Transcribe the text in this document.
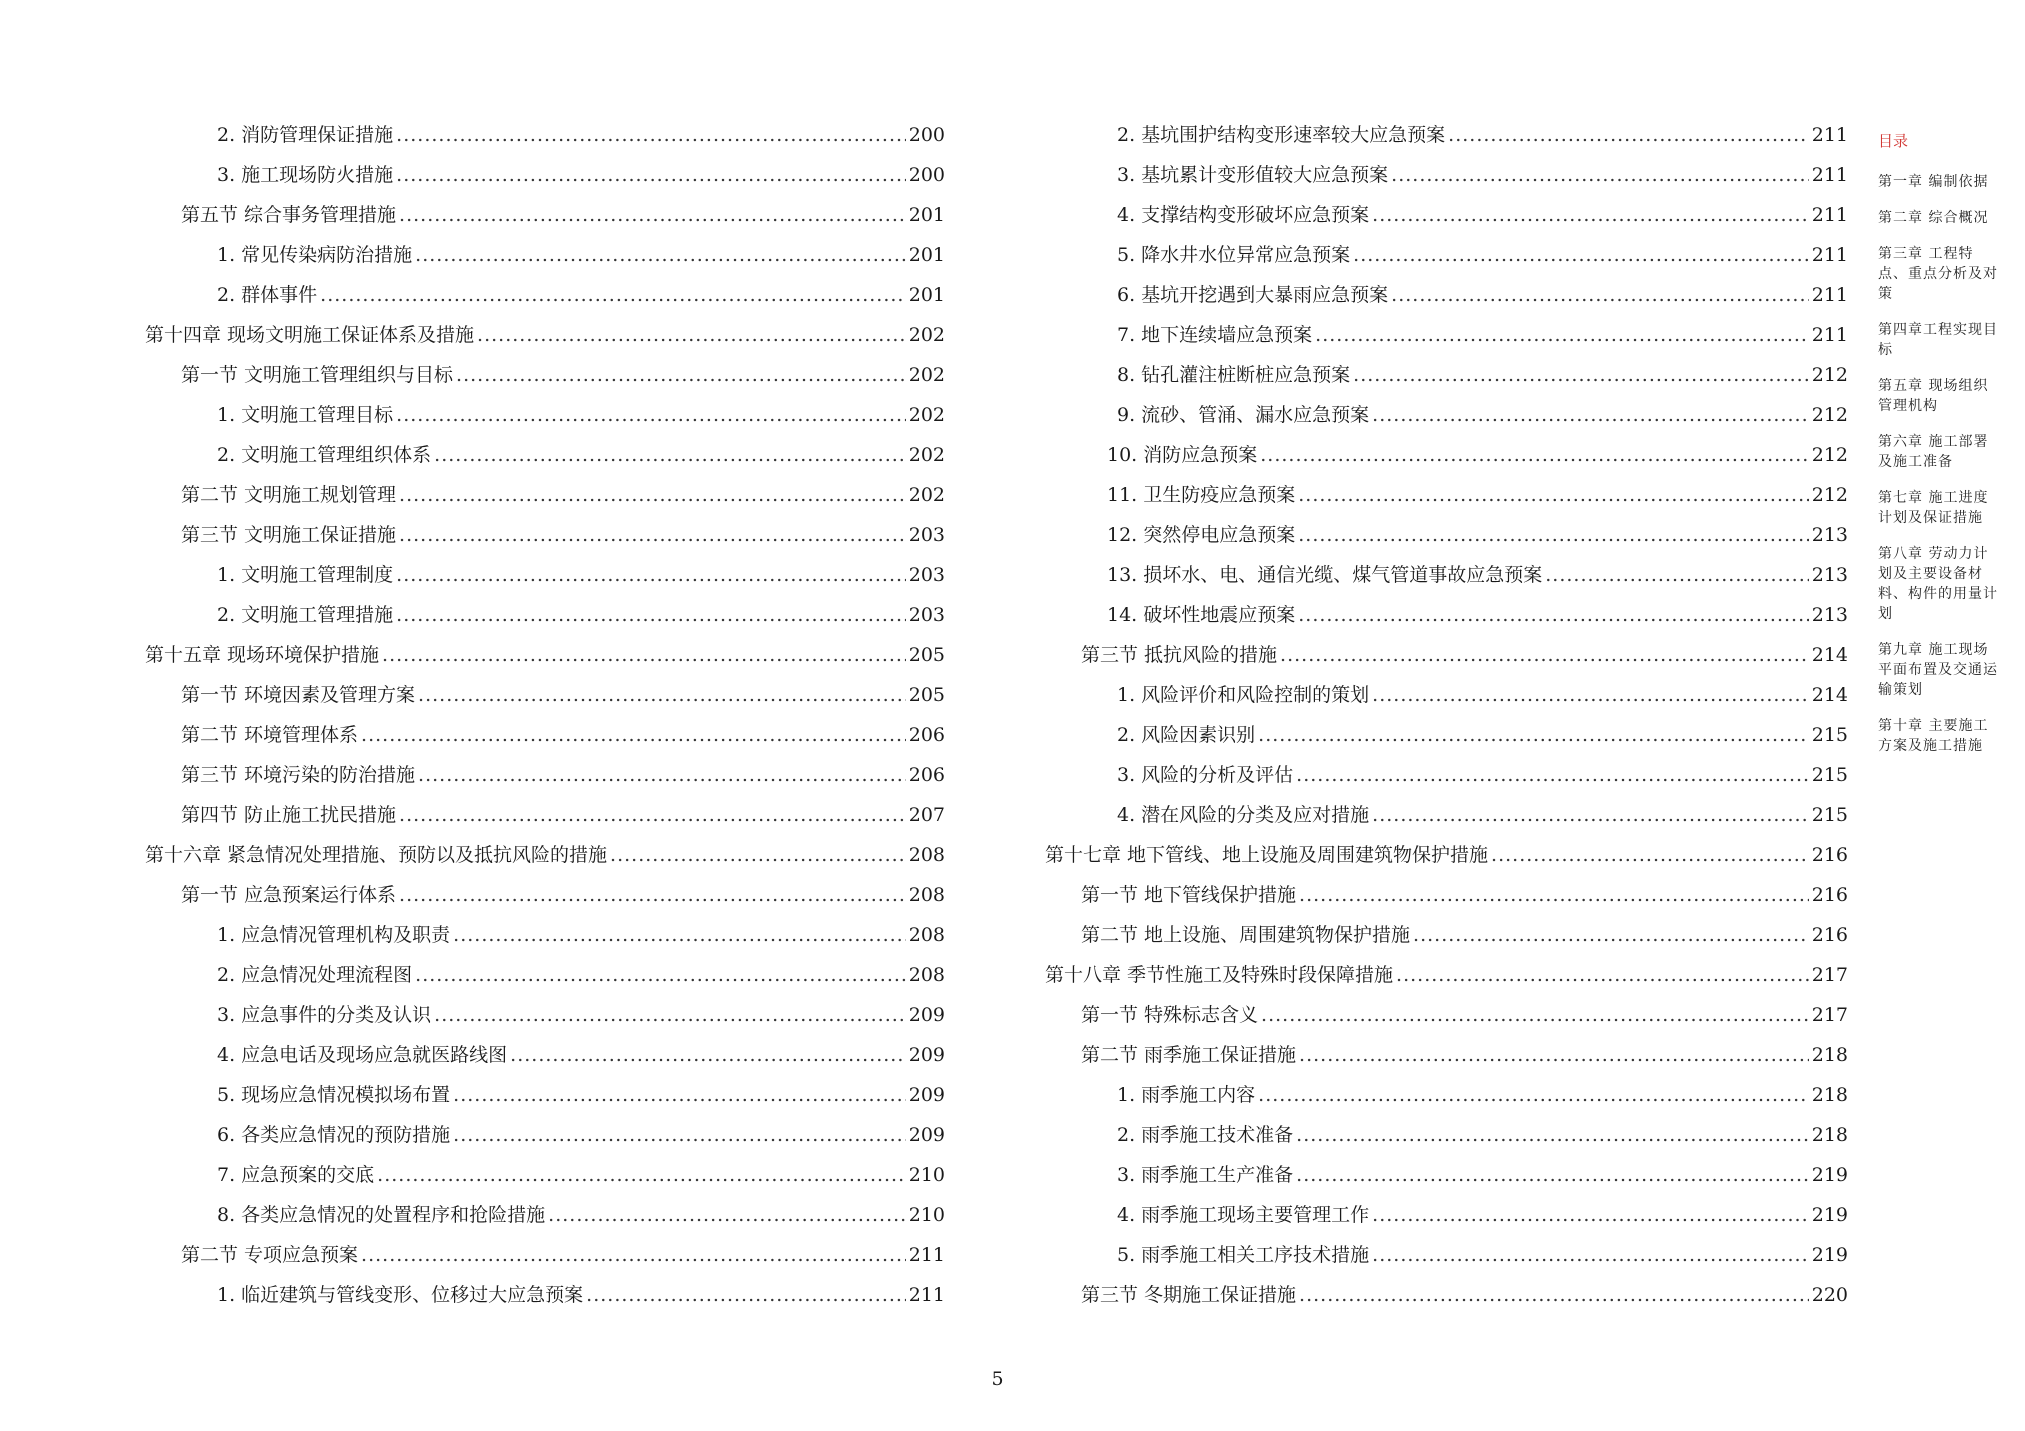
2. 消防管理保证措施 .....	200
3. 施工现场防火措施 .....	200
第五节 综合事务管理措施 .....	201
1. 常见传染病防治措施 .....	201
2. 群体事件 .....	201
第十四章 现场文明施工保证体系及措施 .....	202
第一节 文明施工管理组织与目标 .....	202
1. 文明施工管理目标 .....	202
2. 文明施工管理组织体系 .....	202
第二节 文明施工规划管理 .....	202
第三节 文明施工保证措施 .....	203
1. 文明施工管理制度 .....	203
2. 文明施工管理措施 .....	203
第十五章 现场环境保护措施 .....	205
第一节 环境因素及管理方案 .....	205
第二节 环境管理体系 .....	206
第三节 环境污染的防治措施 .....	206
第四节 防止施工扰民措施 .....	207
第十六章 紧急情况处理措施、预防以及抵抗风险的措施 .....	208
第一节 应急预案运行体系 .....	208
1. 应急情况管理机构及职责 .....	208
2. 应急情况处理流程图 .....	208
3. 应急事件的分类及认识 .....	209
4. 应急电话及现场应急就医路线图 .....	209
5. 现场应急情况模拟场布置 .....	209
6. 各类应急情况的预防措施 .....	209
7. 应急预案的交底 .....	210
8. 各类应急情况的处置程序和抢险措施 .....	210
第二节 专项应急预案 .....	211
1. 临近建筑与管线变形、位移过大应急预案 .....	211
2. 基坑围护结构变形速率较大应急预案 .....	211
3. 基坑累计变形值较大应急预案 .....	211
4. 支撑结构变形破坏应急预案 .....	211
5. 降水井水位异常应急预案 .....	211
6. 基坑开挖遇到大暴雨应急预案 .....	211
7. 地下连续墙应急预案 .....	211
8. 钻孔灌注桩断桩应急预案 .....	212
9. 流砂、管涌、漏水应急预案 .....	212
10. 消防应急预案 .....	212
11. 卫生防疫应急预案 .....	212
12. 突然停电应急预案 .....	213
13. 损坏水、电、通信光缆、煤气管道事故应急预案 .....	213
14. 破坏性地震应预案 .....	213
第三节 抵抗风险的措施 .....	214
1. 风险评价和风险控制的策划 .....	214
2. 风险因素识别 .....	215
3. 风险的分析及评估 .....	215
4. 潜在风险的分类及应对措施 .....	215
第十七章 地下管线、地上设施及周围建筑物保护措施 .....	216
第一节 地下管线保护措施 .....	216
第二节 地上设施、周围建筑物保护措施 .....	216
第十八章 季节性施工及特殊时段保障措施 .....	217
第一节 特殊标志含义 .....	217
第二节 雨季施工保证措施 .....	218
1. 雨季施工内容 .....	218
2. 雨季施工技术准备 .....	218
3. 雨季施工生产准备 .....	219
4. 雨季施工现场主要管理工作 .....	219
5. 雨季施工相关工序技术措施 .....	219
第三节 冬期施工保证措施 .....	220
5
目录
第一章 编制依据
第二章 综合概况
第三章 工程特点、重点分析及对策
第四章工程实现目标
第五章 现场组织管理机构
第六章 施工部署及施工准备
第七章 施工进度计划及保证措施
第八章 劳动力计划及主要设备材料、构件的用量计划
第九章 施工现场平面布置及交通运输策划
第十章 主要施工方案及施工措施
